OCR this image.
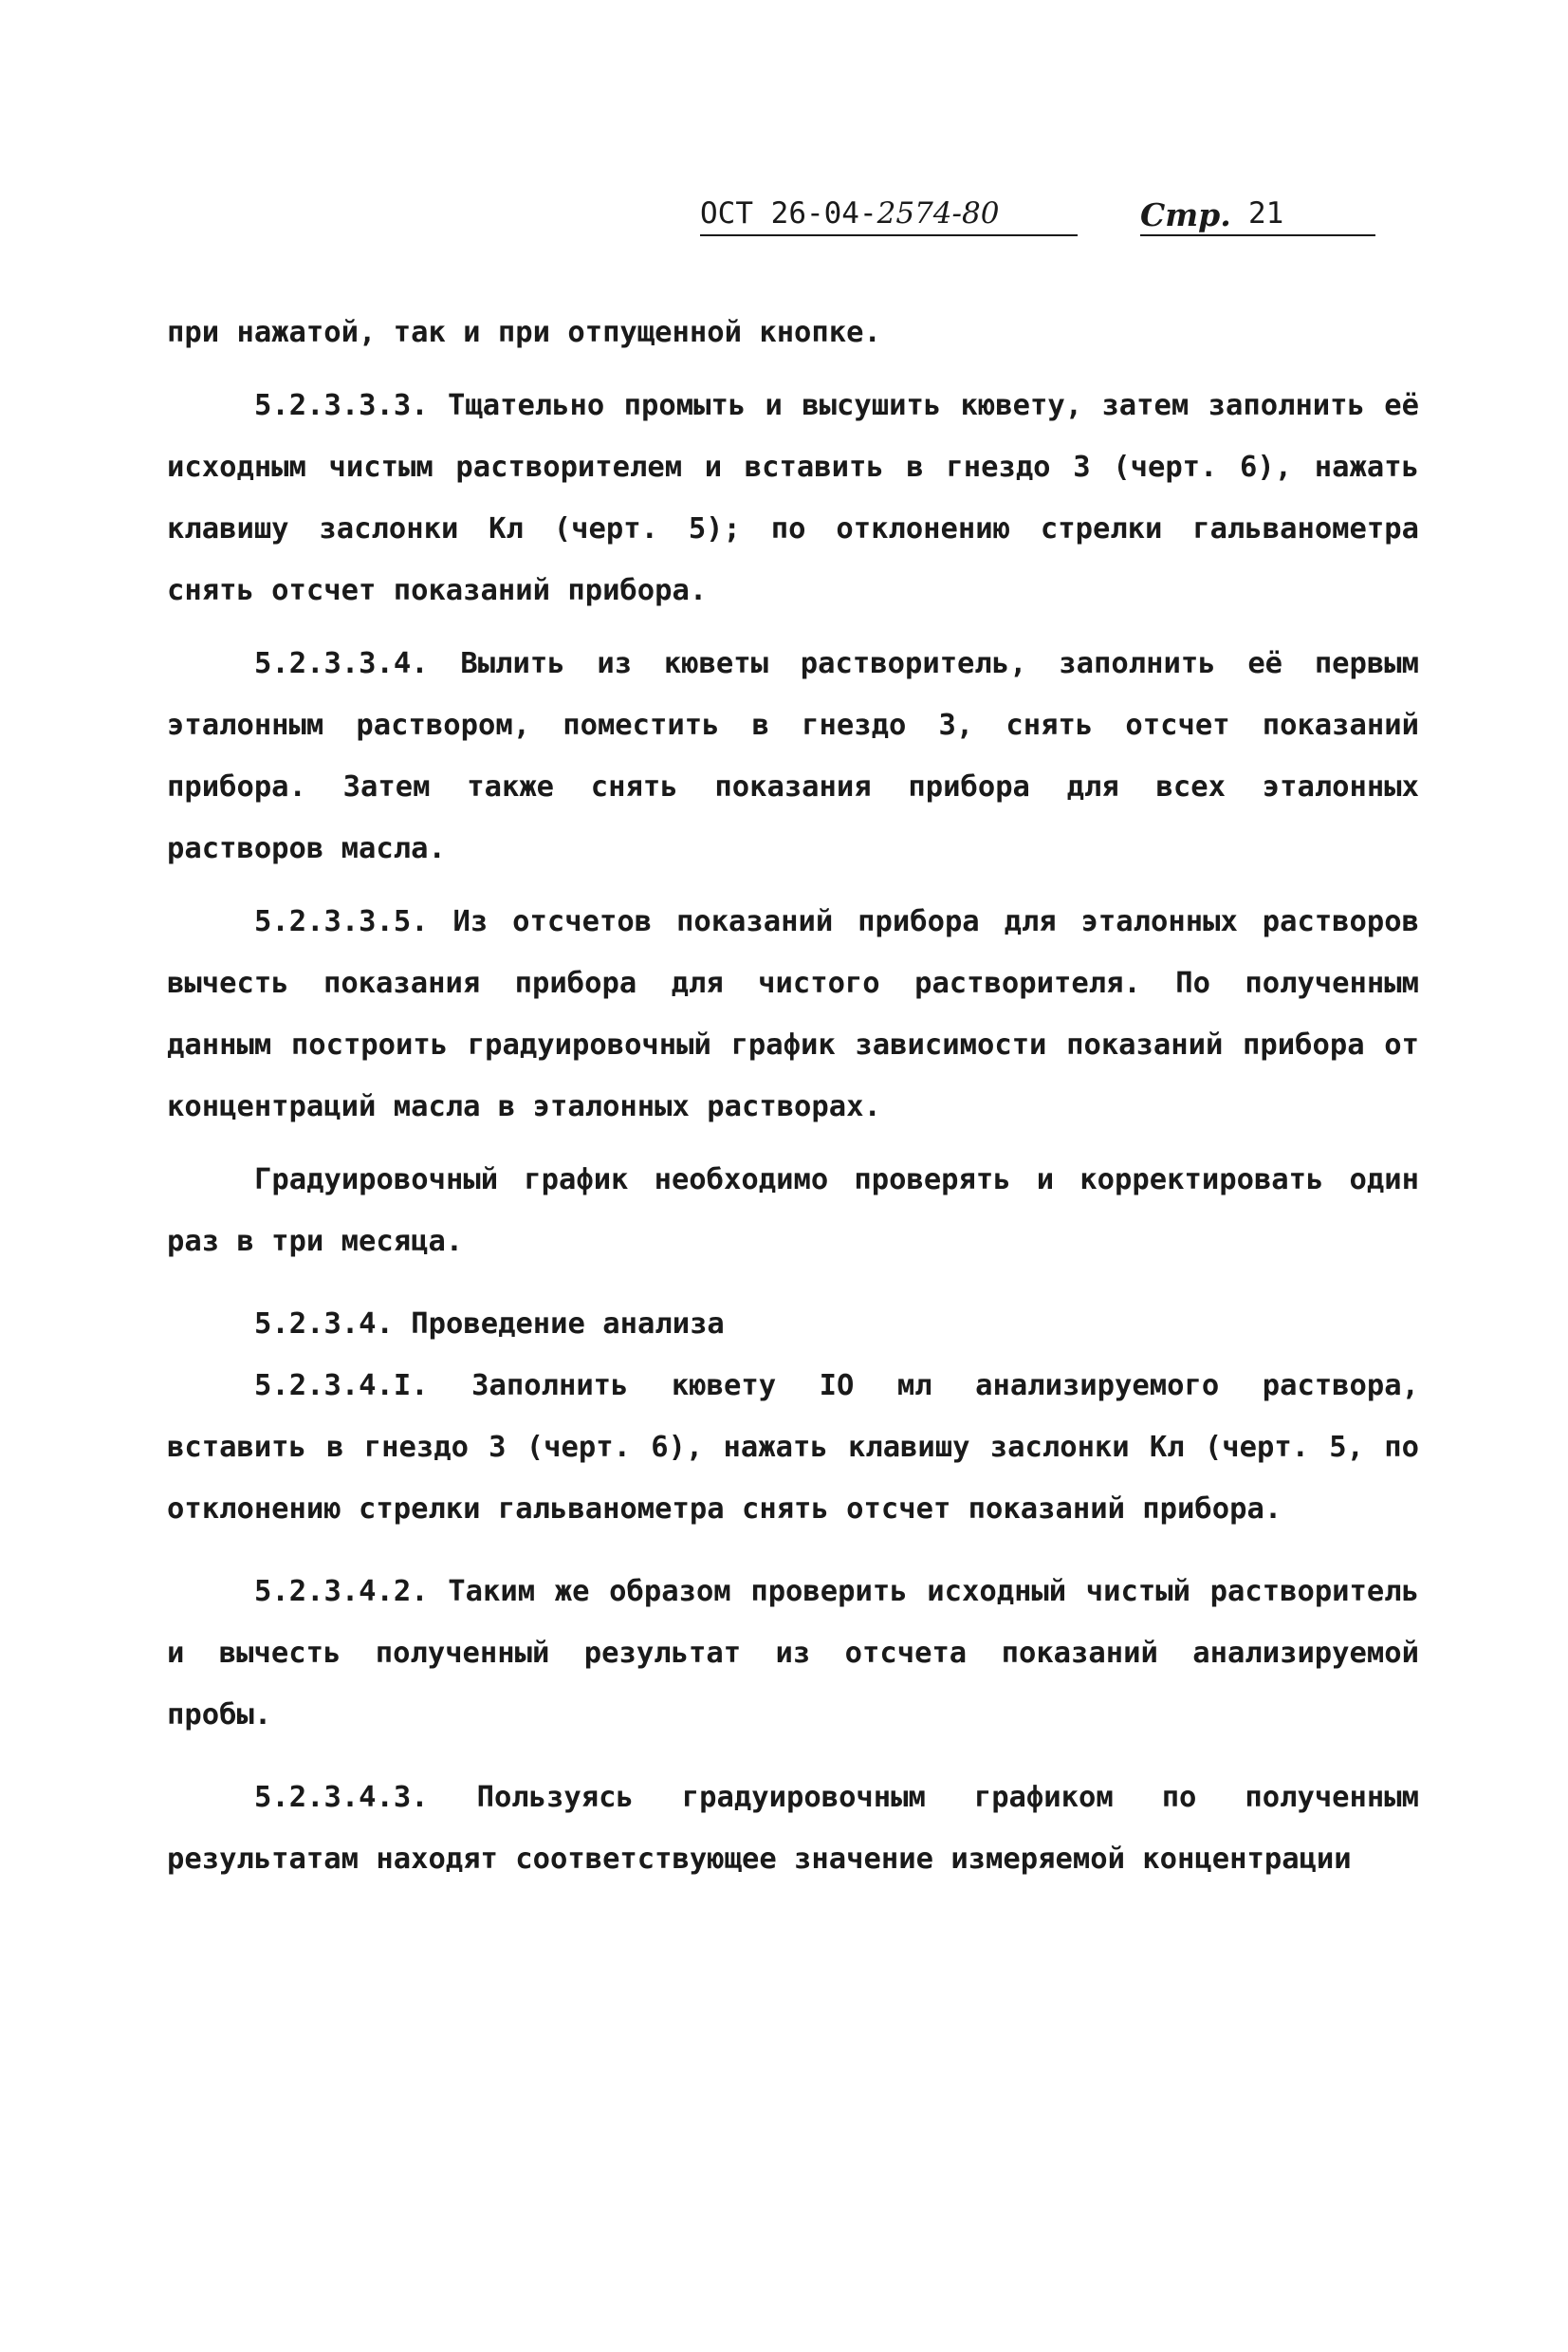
ОСТ 26-04-2574-80	Стр. 21

при нажатой, так и при отпущенной кнопке.

5.2.3.3.3. Тщательно промыть и высушить кювету, затем заполнить её исходным чистым растворителем и вставить в гнездо 3 (черт. 6), нажать клавишу заслонки Кл (черт. 5); по отклонению стрелки гальванометра снять отсчет показаний прибора.

5.2.3.3.4. Вылить из кюветы растворитель, заполнить её первым эталонным раствором, поместить в гнездо 3, снять отсчет показаний прибора. Затем также снять показания прибора для всех эталонных растворов масла.

5.2.3.3.5. Из отсчетов показаний прибора для эталонных растворов вычесть показания прибора для чистого растворителя. По полученным данным построить градуировочный график зависимости показаний прибора от концентраций масла в эталонных растворах.

Градуировочный график необходимо проверять и корректировать один раз в три месяца.

5.2.3.4. Проведение анализа

5.2.3.4.I. Заполнить кювету IO мл анализируемого раствора, вставить в гнездо 3 (черт. 6), нажать клавишу заслонки Кл (черт. 5, по отклонению стрелки гальванометра снять отсчет показаний прибора.

5.2.3.4.2. Таким же образом проверить исходный чистый растворитель и вычесть полученный результат из отсчета показаний анализируемой пробы.

5.2.3.4.3. Пользуясь градуировочным графиком по полученным результатам находят соответствующее значение измеряемой концентрации
